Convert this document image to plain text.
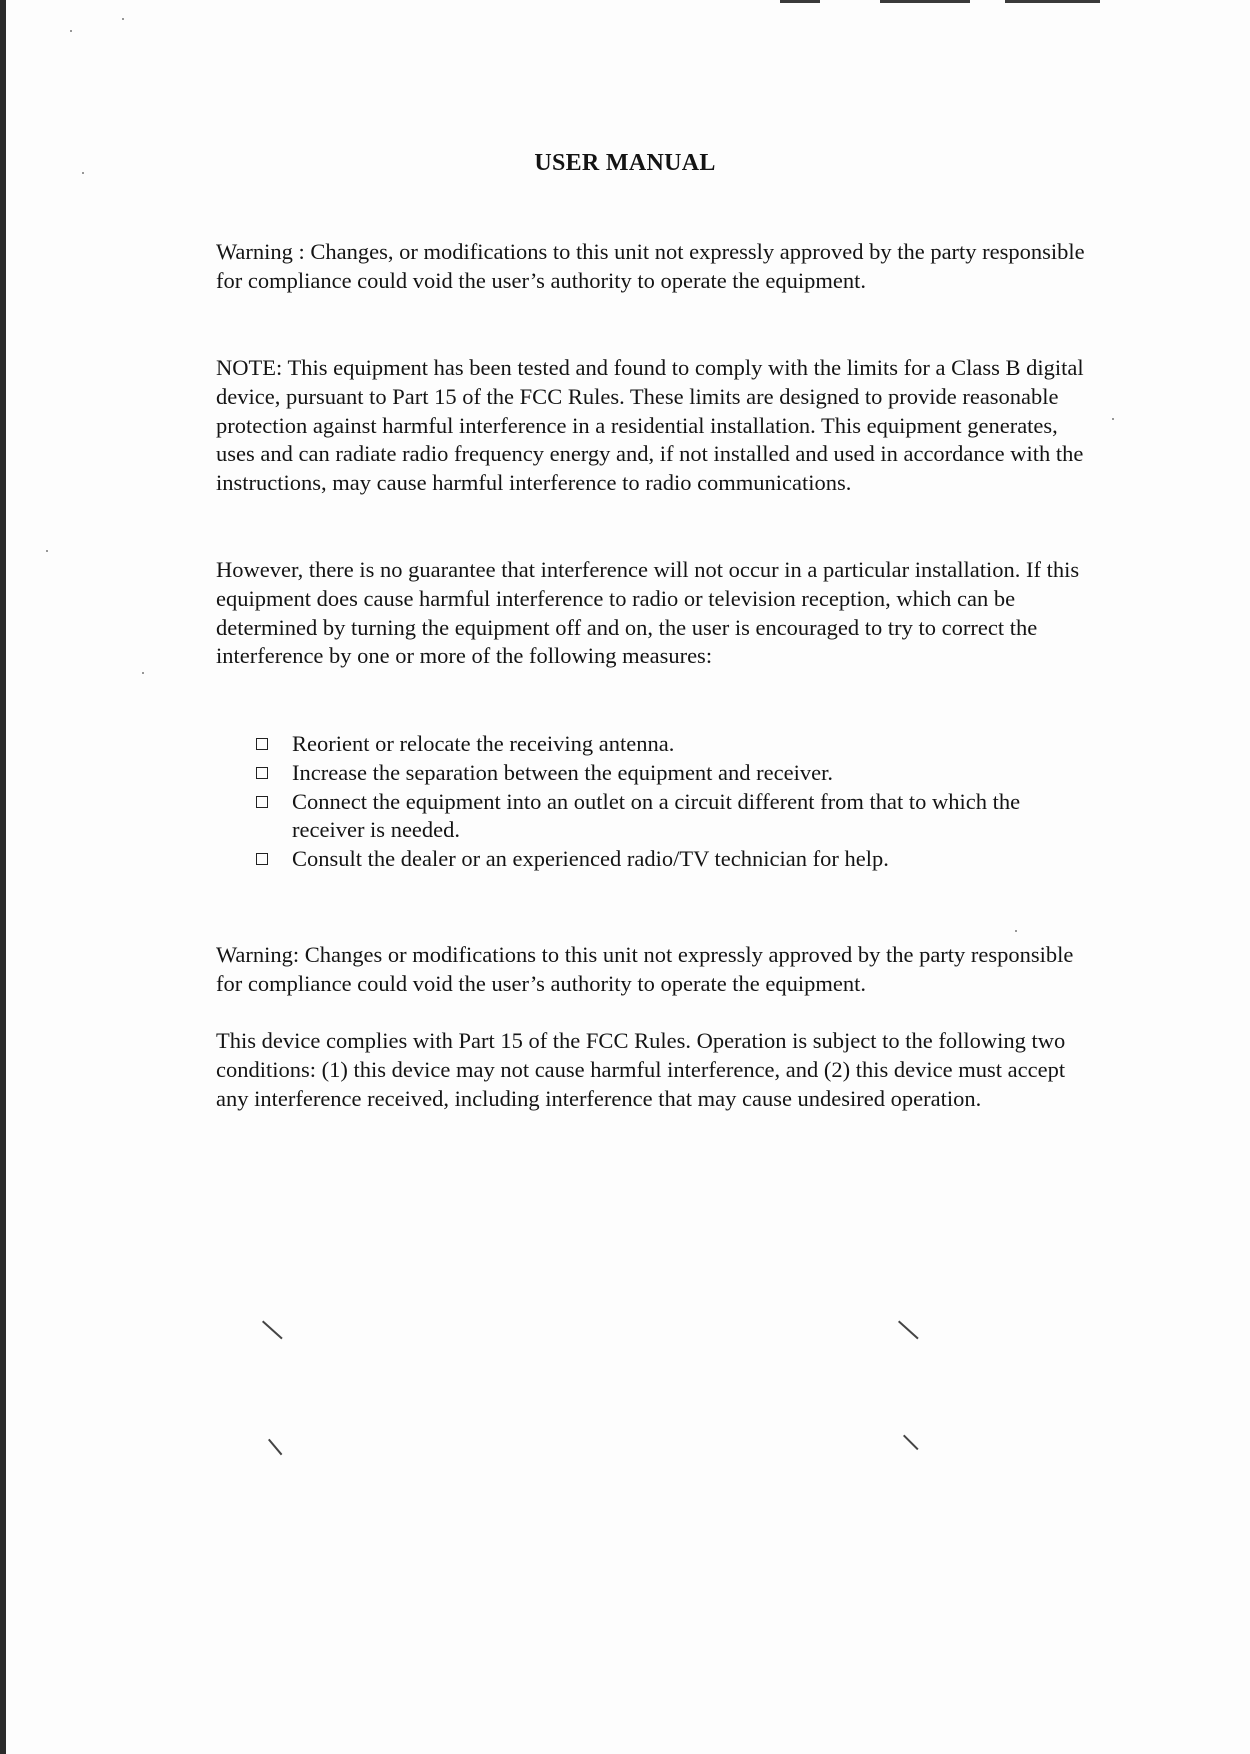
USER MANUAL

Warning : Changes, or modifications to this unit not expressly approved by the party responsible for compliance could void the user’s authority to operate the equipment.

NOTE: This equipment has been tested and found to comply with the limits for a Class B digital device, pursuant to Part 15 of the FCC Rules. These limits are designed to provide reasonable protection against harmful interference in a residential installation. This equipment generates, uses and can radiate radio frequency energy and, if not installed and used in accordance with the instructions, may cause harmful interference to radio communications.

However, there is no guarantee that interference will not occur in a particular installation. If this equipment does cause harmful interference to radio or television reception, which can be determined by turning the equipment off and on, the user is encouraged to try to correct the interference by one or more of the following measures:

Reorient or relocate the receiving antenna.
Increase the separation between the equipment and receiver.
Connect the equipment into an outlet on a circuit different from that to which the receiver is needed.
Consult the dealer or an experienced radio/TV technician for help.

Warning: Changes or modifications to this unit not expressly approved by the party responsible for compliance could void the user’s authority to operate the equipment.

This device complies with Part 15 of the FCC Rules. Operation is subject to the following two conditions: (1) this device may not cause harmful interference, and (2) this device must accept any interference received, including interference that may cause undesired operation.
